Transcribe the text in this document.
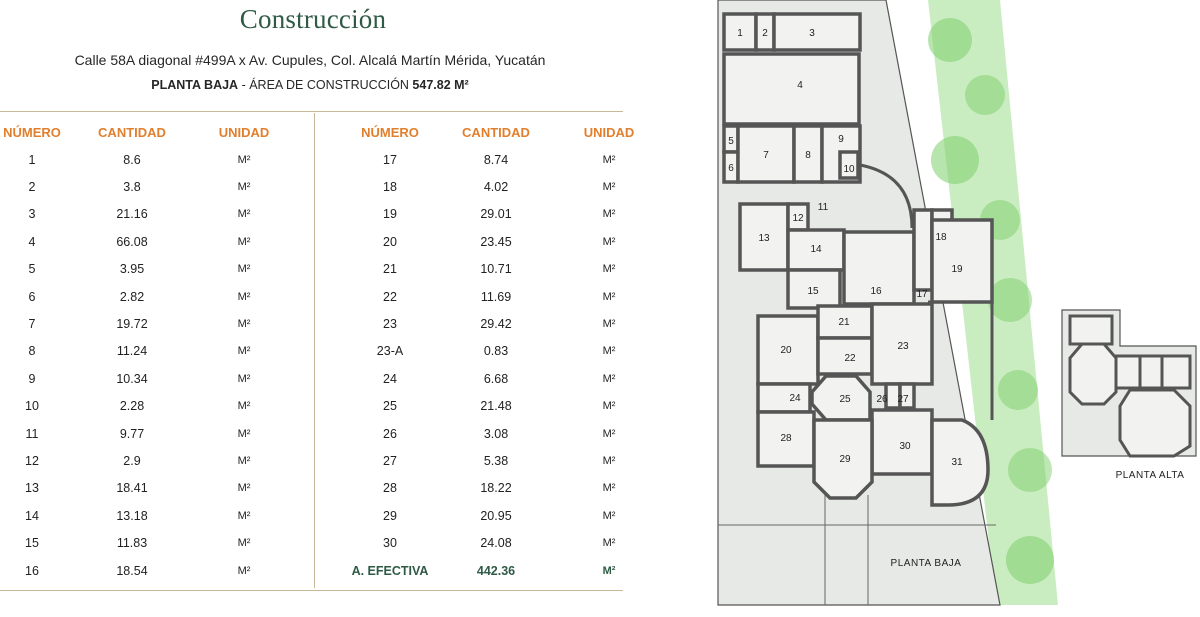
Construcción
Calle 58A diagonal #499A x Av. Cupules, Col. Alcalá Martín Mérida, Yucatán
PLANTA BAJA - ÁREA DE CONSTRUCCIÓN 547.82 M²
NÚMERO	CANTIDAD	UNIDAD
1	8.6	M²
2	3.8	M²
3	21.16	M²
4	66.08	M²
5	3.95	M²
6	2.82	M²
7	19.72	M²
8	11.24	M²
9	10.34	M²
10	2.28	M²
11	9.77	M²
12	2.9	M²
13	18.41	M²
14	13.18	M²
15	11.83	M²
16	18.54	M²
NÚMERO	CANTIDAD	UNIDAD
17	8.74	M²
18	4.02	M²
19	29.01	M²
20	23.45	M²
21	10.71	M²
22	11.69	M²
23	29.42	M²
23-A	0.83	M²
24	6.68	M²
25	21.48	M²
26	3.08	M²
27	5.38	M²
28	18.22	M²
29	20.95	M²
30	24.08	M²
A. EFECTIVA	442.36	M²
1 2	3
4
5
6
7	8
9
10
11
12
13
14
15	16	17
18
19
20
21
22
23
24	25	26 27
28
29
30
31
PLANTA BAJA
PLANTA ALTA
